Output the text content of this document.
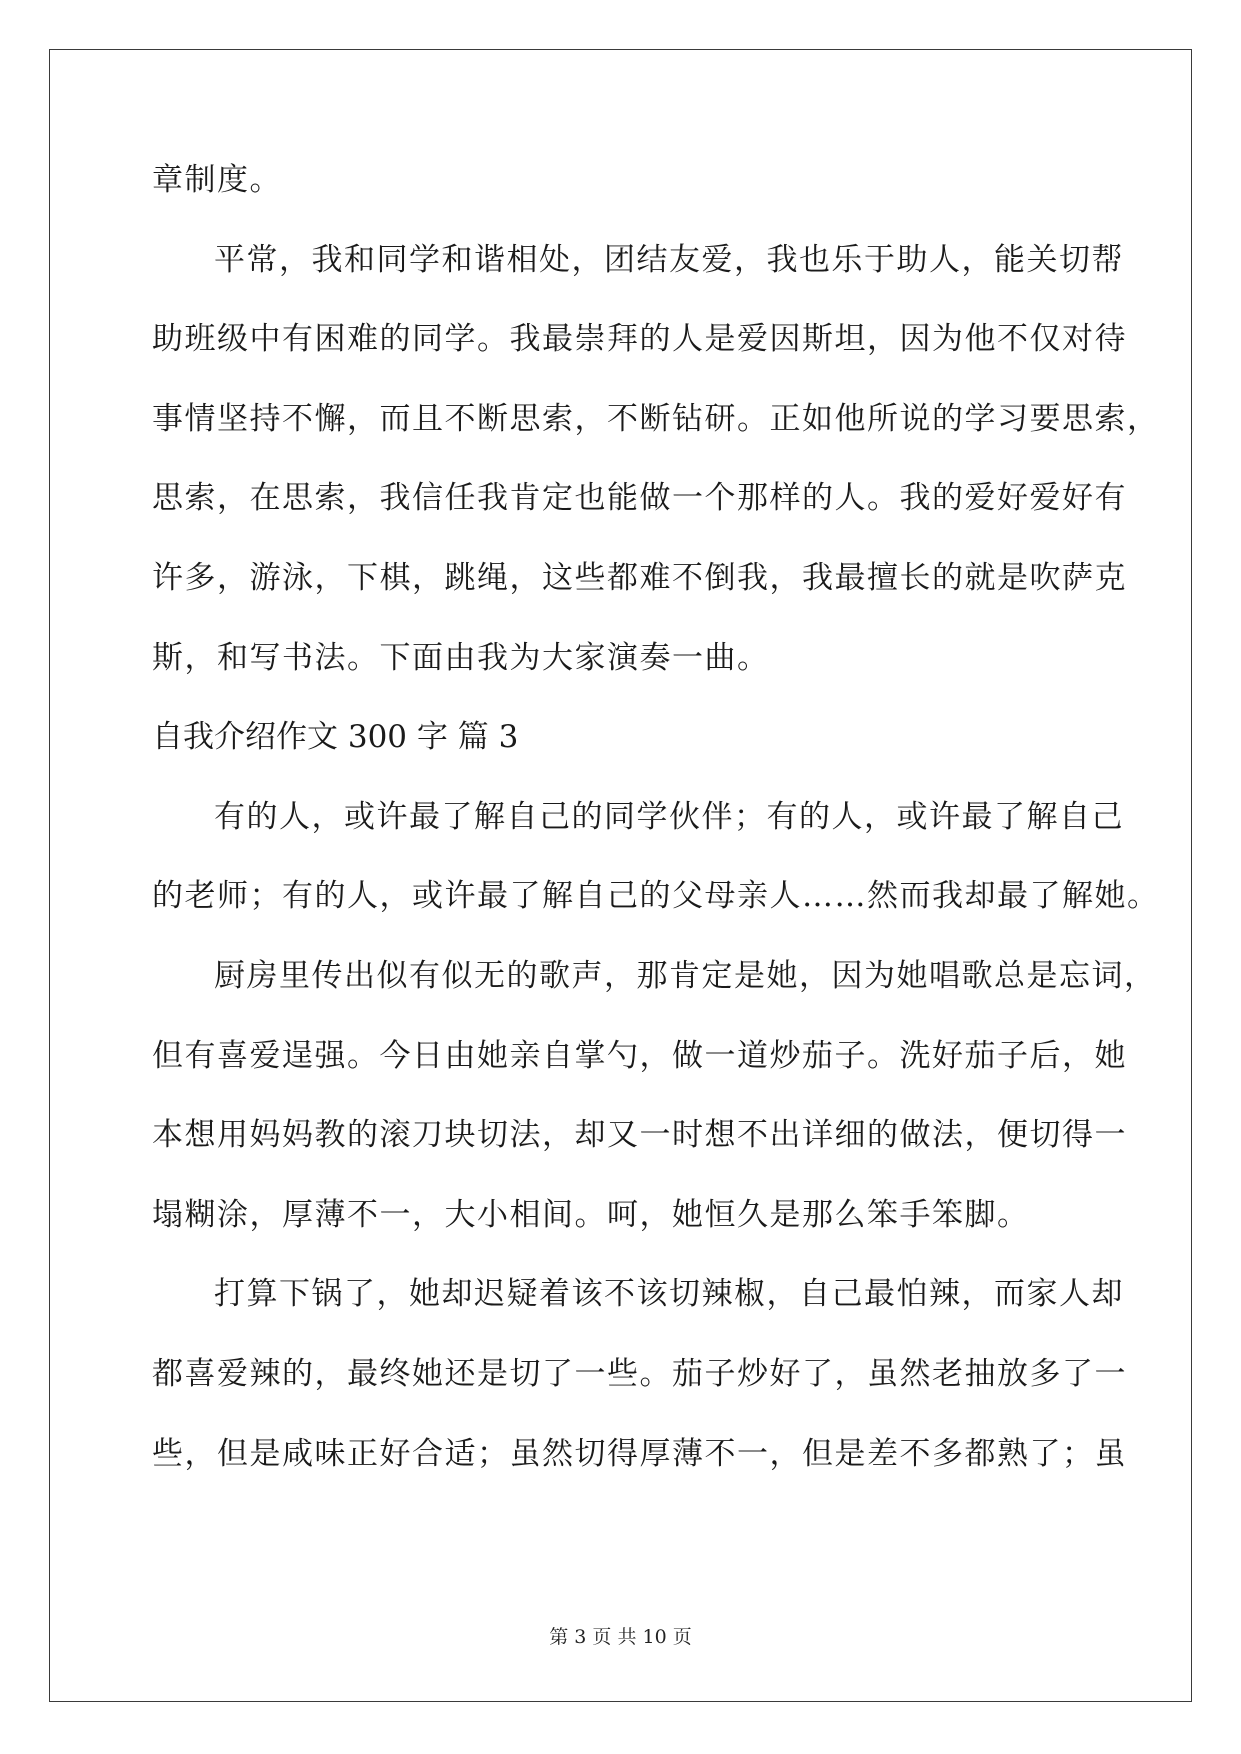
章制度。
平常，我和同学和谐相处，团结友爱，我也乐于助人，能关切帮
助班级中有困难的同学。我最崇拜的人是爱因斯坦，因为他不仅对待
事情坚持不懈，而且不断思索，不断钻研。正如他所说的学习要思索，
思索，在思索，我信任我肯定也能做一个那样的人。我的爱好爱好有
许多，游泳，下棋，跳绳，这些都难不倒我，我最擅长的就是吹萨克
斯，和写书法。下面由我为大家演奏一曲。
自我介绍作文 300 字 篇 3
有的人，或许最了解自己的同学伙伴；有的人，或许最了解自己
的老师；有的人，或许最了解自己的父母亲人……然而我却最了解她。
厨房里传出似有似无的歌声，那肯定是她，因为她唱歌总是忘词，
但有喜爱逞强。今日由她亲自掌勺，做一道炒茄子。洗好茄子后，她
本想用妈妈教的滚刀块切法，却又一时想不出详细的做法，便切得一
塌糊涂，厚薄不一，大小相间。呵，她恒久是那么笨手笨脚。
打算下锅了，她却迟疑着该不该切辣椒，自己最怕辣，而家人却
都喜爱辣的，最终她还是切了一些。茄子炒好了，虽然老抽放多了一
些，但是咸味正好合适；虽然切得厚薄不一，但是差不多都熟了；虽
第 3 页 共 10 页
